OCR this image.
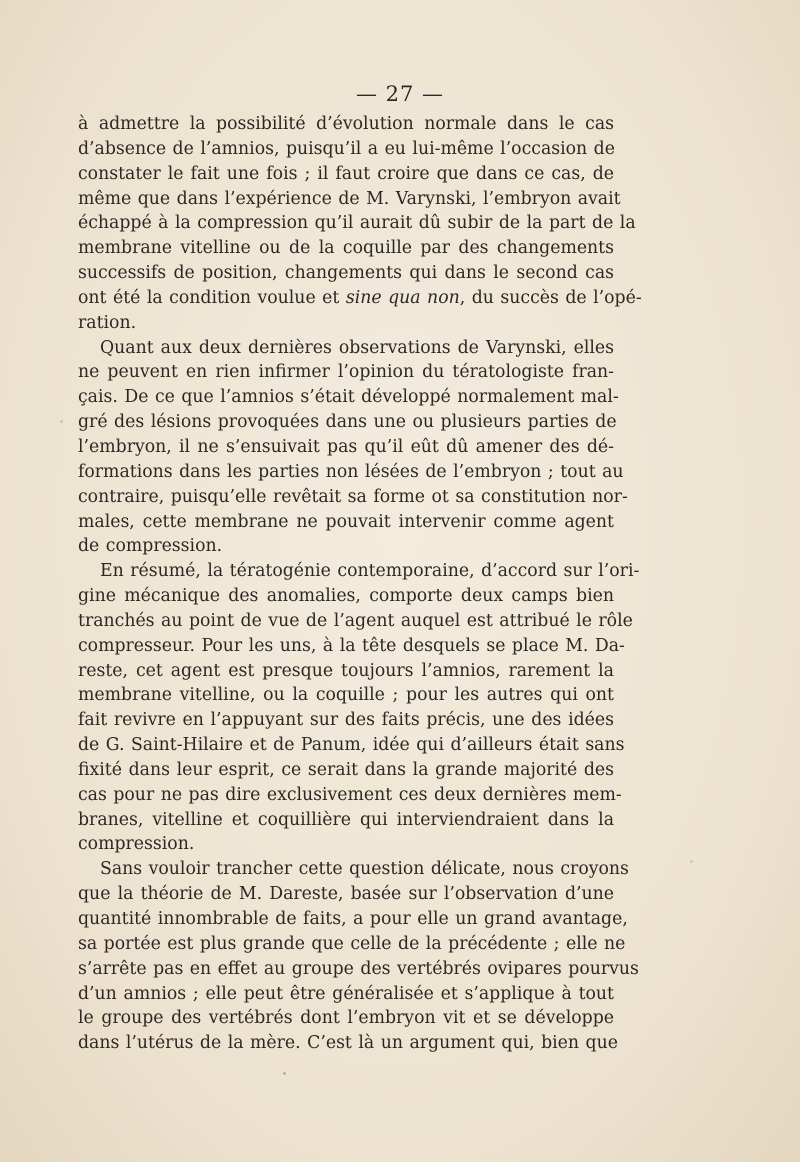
— 27 —
à admettre la possibilité d’évolution normale dans le cas
d’absence de l’amnios, puisqu’il a eu lui-même l’occasion de
constater le fait une fois ; il faut croire que dans ce cas, de
même que dans l’expérience de M. Varynski, l’embryon avait
échappé à la compression qu’il aurait dû subir de la part de la
membrane vitelline ou de la coquille par des changements
successifs de position, changements qui dans le second cas
ont été la condition voulue et sine qua non, du succès de l’opé-
ration.
Quant aux deux dernières observations de Varynski, elles
ne peuvent en rien infirmer l’opinion du tératologiste fran-
çais. De ce que l’amnios s’était développé normalement mal-
gré des lésions provoquées dans une ou plusieurs parties de
l’embryon, il ne s’ensuivait pas qu’il eût dû amener des dé-
formations dans les parties non lésées de l’embryon ; tout au
contraire, puisqu’elle revêtait sa forme ot sa constitution nor-
males, cette membrane ne pouvait intervenir comme agent
de compression.
En résumé, la tératogénie contemporaine, d’accord sur l’ori-
gine mécanique des anomalies, comporte deux camps bien
tranchés au point de vue de l’agent auquel est attribué le rôle
compresseur. Pour les uns, à la tête desquels se place M. Da-
reste, cet agent est presque toujours l’amnios, rarement la
membrane vitelline, ou la coquille ; pour les autres qui ont
fait revivre en l’appuyant sur des faits précis, une des idées
de G. Saint-Hilaire et de Panum, idée qui d’ailleurs était sans
fixité dans leur esprit, ce serait dans la grande majorité des
cas pour ne pas dire exclusivement ces deux dernières mem-
branes, vitelline et coquillière qui interviendraient dans la
compression.
Sans vouloir trancher cette question délicate, nous croyons
que la théorie de M. Dareste, basée sur l’observation d’une
quantité innombrable de faits, a pour elle un grand avantage,
sa portée est plus grande que celle de la précédente ; elle ne
s’arrête pas en effet au groupe des vertébrés ovipares pourvus
d’un amnios ; elle peut être généralisée et s’applique à tout
le groupe des vertébrés dont l’embryon vit et se développe
dans l’utérus de la mère. C’est là un argument qui, bien que
